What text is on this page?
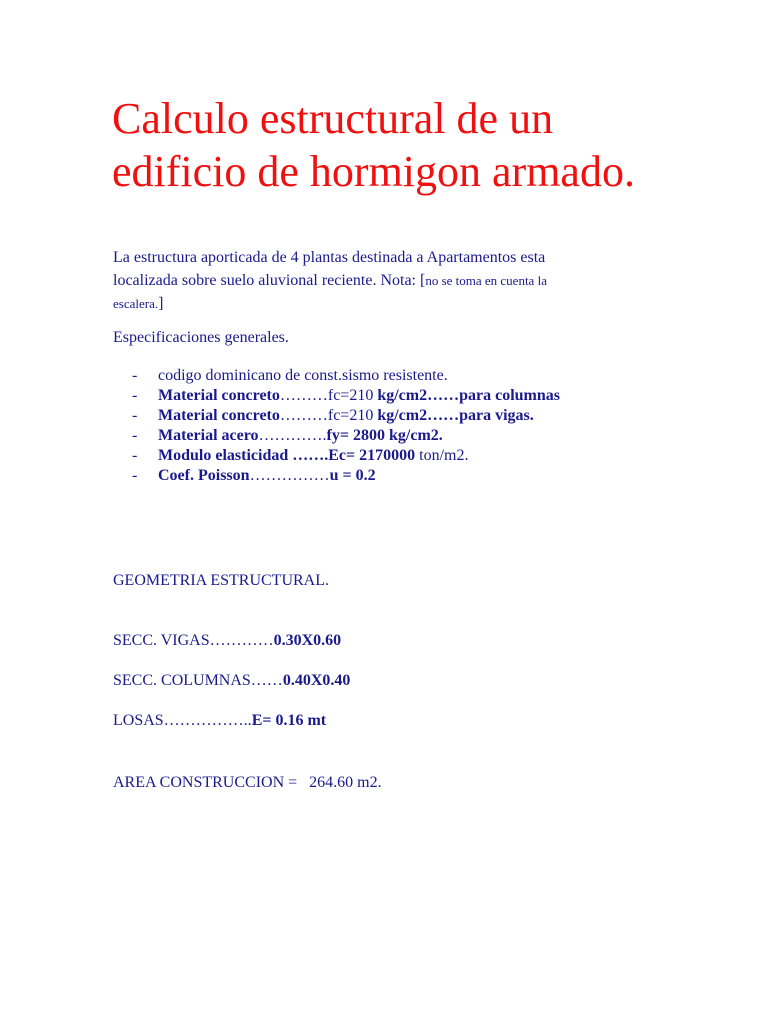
Calculo estructural de un
edificio de hormigon armado.

La estructura aporticada de 4 plantas destinada a Apartamentos esta
localizada sobre suelo aluvional reciente. Nota: [no se toma en cuenta la
escalera.]

Especificaciones generales.

- codigo dominicano de const.sismo resistente.
- Material concreto………fc=210 kg/cm2……para columnas
- Material concreto………fc=210 kg/cm2……para vigas.
- Material acero………….fy= 2800 kg/cm2.
- Modulo elasticidad …….Ec= 2170000 ton/m2.
- Coef. Poisson……………u = 0.2

GEOMETRIA ESTRUCTURAL.

SECC. VIGAS…………0.30X0.60

SECC. COLUMNAS……0.40X0.40

LOSAS……………..E= 0.16 mt

AREA CONSTRUCCION =   264.60 m2.
